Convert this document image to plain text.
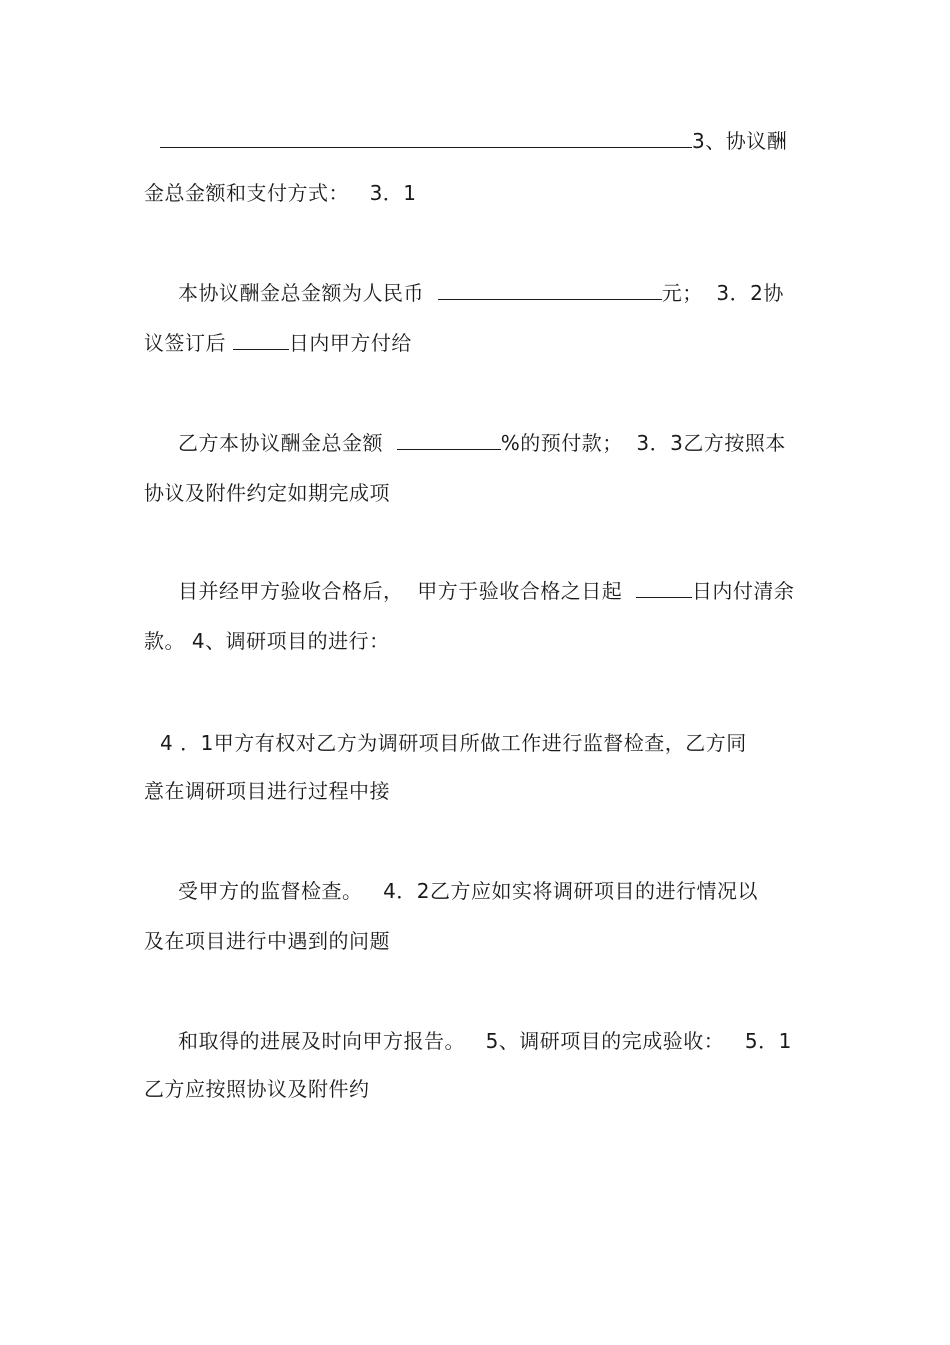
3、协议酬
金总金额和支付方式：   3．1
本协议酬金总金额为人民币	元；  3．2协
议签订后	日内甲方付给
乙方本协议酬金总金额	%的预付款；  3．3乙方按照本
协议及附件约定如期完成项
目并经甲方验收合格后，  甲方于验收合格之日起	日内付清余
款。 4、调研项目的进行：
4 ．1甲方有权对乙方为调研项目所做工作进行监督检查，乙方同
意在调研项目进行过程中接
受甲方的监督检查。   4．2乙方应如实将调研项目的进行情况以
及在项目进行中遇到的问题
和取得的进展及时向甲方报告。   5、调研项目的完成验收：   5．1
乙方应按照协议及附件约
